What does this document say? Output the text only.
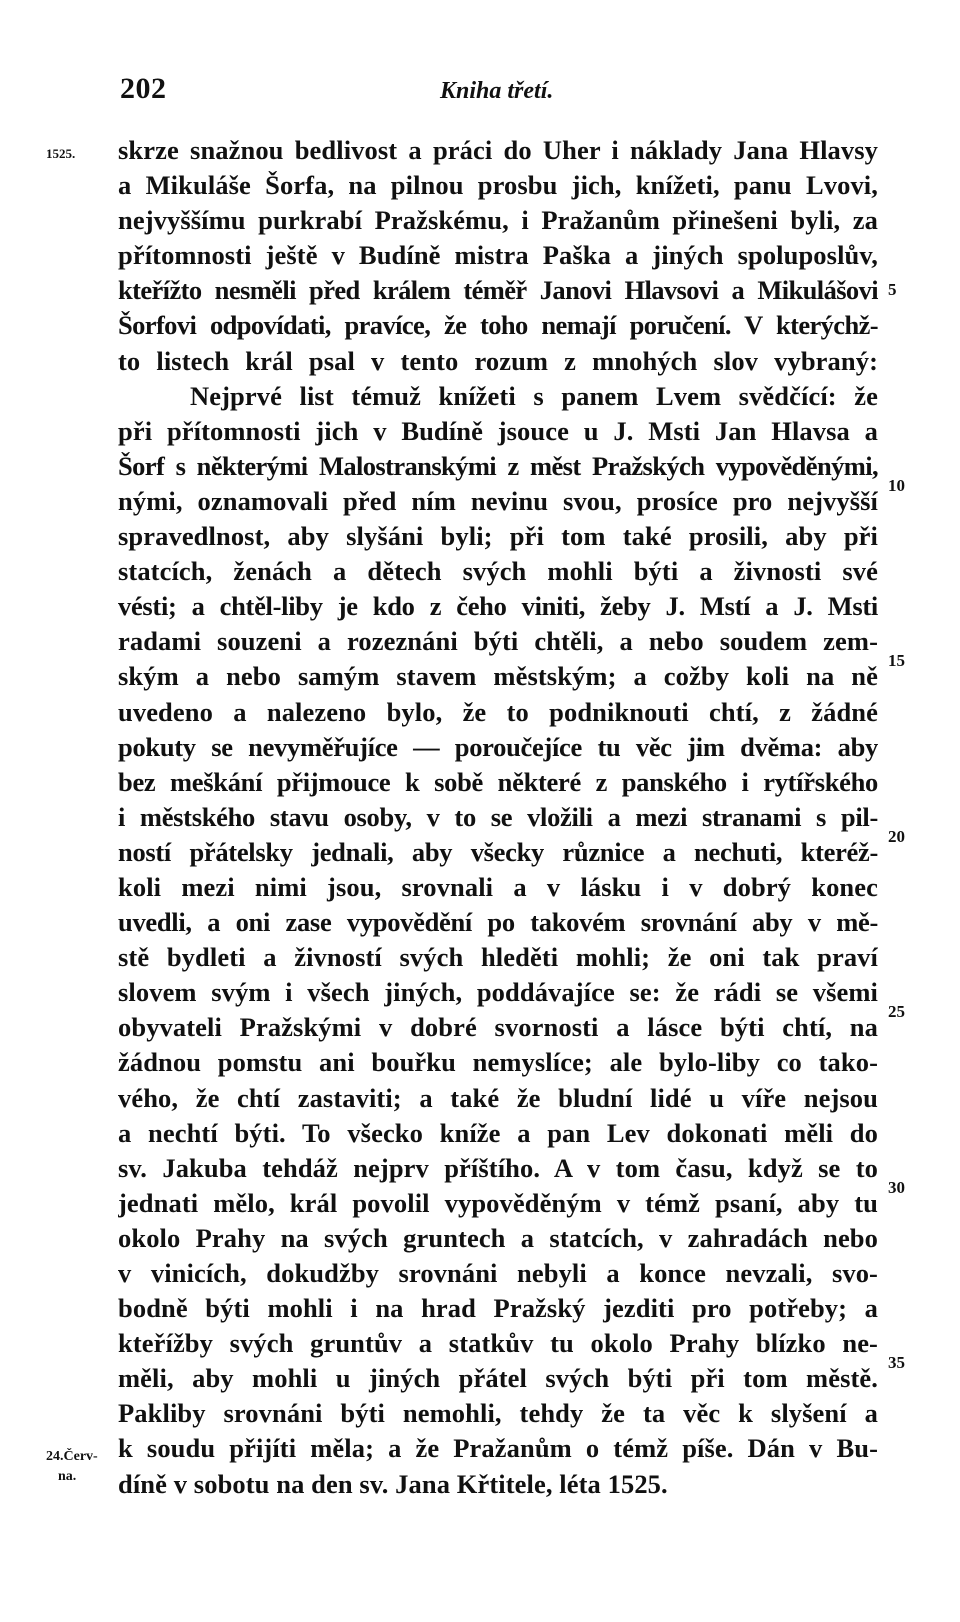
202	Kniha třetí.
1525.
24.Červ-
na.
5
10
15
20
25
30
35
skrze snažnou bedlivost a práci do Uher i náklady Jana Hlavsy
a Mikuláše Šorfa, na pilnou prosbu jich, knížeti, panu Lvovi,
nejvyššímu purkrabí Pražskému, i Pražanům přinešeni byli, za
přítomnosti ještě v Budíně mistra Paška a jiných spoluposlův,
kteřížto nesměli před králem téměř Janovi Hlavsovi a Mikulášovi
Šorfovi odpovídati, pravíce, že toho nemají poručení. V kterýchž-
to listech král psal v tento rozum z mnohých slov vybraný:
Nejprvé list témuž knížeti s panem Lvem svědčící: že
při přítomnosti jich v Budíně jsouce u J. Msti Jan Hlavsa a
Šorf s některými Malostranskými z měst Pražských vypověděnými,
nými, oznamovali před ním nevinu svou, prosíce pro nejvyšší
spravedlnost, aby slyšáni byli; při tom také prosili, aby při
statcích, ženách a dětech svých mohli býti a živnosti své
vésti; a chtěl-liby je kdo z čeho viniti, žeby J. Mstí a J. Msti
radami souzeni a rozeznáni býti chtěli, a nebo soudem zem-
ským a nebo samým stavem městským; a cožby koli na ně
uvedeno a nalezeno bylo, že to podniknouti chtí, z žádné
pokuty se nevyměřujíce — poroučejíce tu věc jim dvěma: aby
bez meškání přijmouce k sobě některé z panského i rytířského
i městského stavu osoby, v to se vložili a mezi stranami s pil-
ností přátelsky jednali, aby všecky různice a nechuti, kteréž-
koli mezi nimi jsou, srovnali a v lásku i v dobrý konec
uvedli, a oni zase vypovědění po takovém srovnání aby v mě-
stě bydleti a živností svých hleděti mohli; že oni tak praví
slovem svým i všech jiných, poddávajíce se: že rádi se všemi
obyvateli Pražskými v dobré svornosti a lásce býti chtí, na
žádnou pomstu ani bouřku nemyslíce; ale bylo-liby co tako-
vého, že chtí zastaviti; a také že bludní lidé u víře nejsou
a nechtí býti. To všecko kníže a pan Lev dokonati měli do
sv. Jakuba tehdáž nejprv příštího. A v tom času, když se to
jednati mělo, král povolil vypověděným v témž psaní, aby tu
okolo Prahy na svých gruntech a statcích, v zahradách nebo
v vinicích, dokudžby srovnáni nebyli a konce nevzali, svo-
bodně býti mohli i na hrad Pražský jezditi pro potřeby; a
kteřížby svých gruntův a statkův tu okolo Prahy blízko ne-
měli, aby mohli u jiných přátel svých býti při tom městě.
Pakliby srovnáni býti nemohli, tehdy že ta věc k slyšení a
k soudu přijíti měla; a že Pražanům o témž píše. Dán v Bu-
díně v sobotu na den sv. Jana Křtitele, léta 1525.
